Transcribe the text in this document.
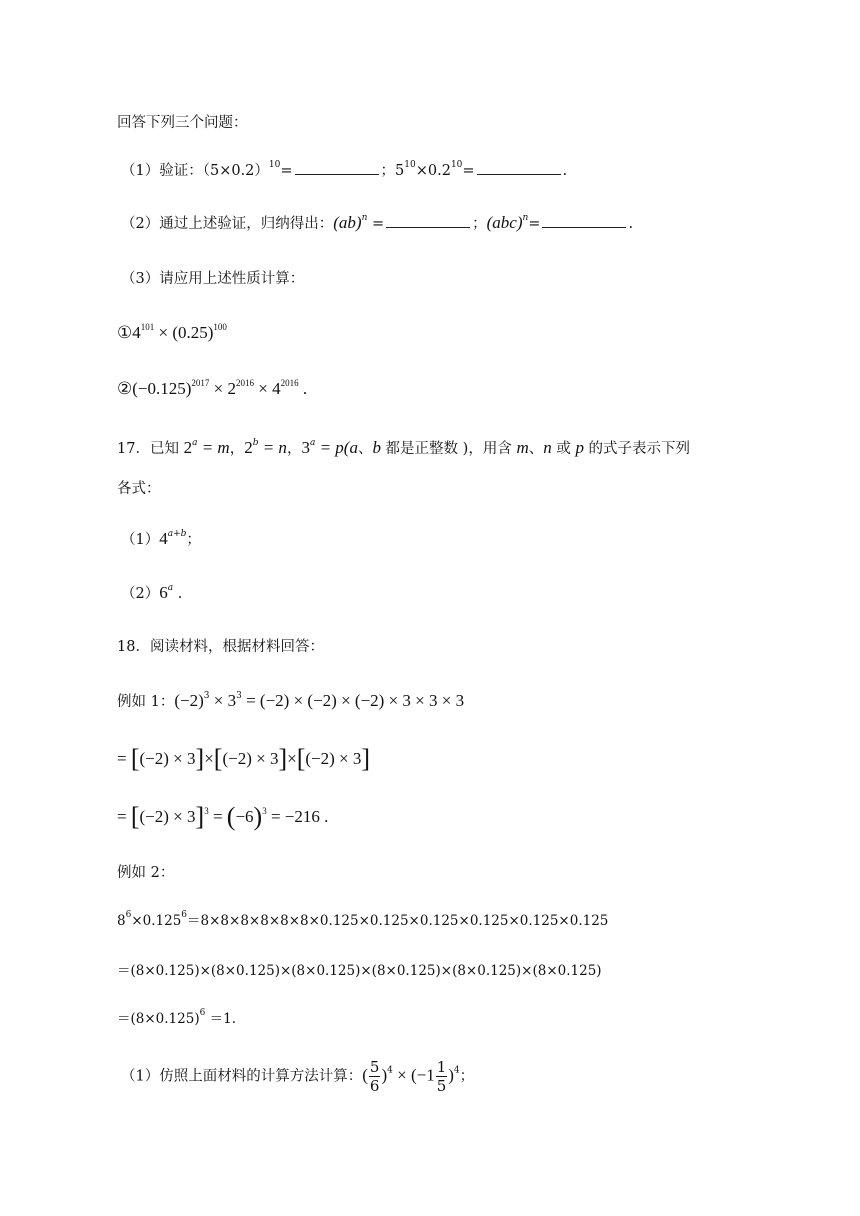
回答下列三个问题：
（1）验证：$(5\times 0.2)^{10}=$	；$5^{10}\times 0.2^{10}=$	.
（2）通过上述验证，归纳得出：(ab)$^n$ =	；(abc)$^n$=	.
（3）请应用上述性质计算：
$①4^{101} \times (0.25)^{100}$
$②(-0.125)^{2017} \times 2^{2016} \times 4^{2016}$ .
17．已知 $2^a = m$，$2^b = n$，$3^a = p(a$、b 都是正整数 )，用含 m、n 或 p 的式子表示下列
各式：
$(1)4^{a+b}$；
（2）6$^a$ .
18．阅读材料，根据材料回答：
例如 1：$(-2)^3 \times 3^3 = (-2) \times (-2) \times (-2) \times 3 \times 3 \times 3$
= [(−2) × 3]×[(−2) × 3]×[(−2) × 3]
= $[(-2) \times 3]^3 = (-6)^3 = -216$ .
例如 2：
$8^6\times 0.125^6=8\times 8\times 8\times 8\times 8\times 8\times 0.125\times 0.125\times 0.125\times 0.125\times 0.125\times 0.125$
＝(8×0.125)×(8×0.125)×(8×0.125)×(8×0.125)×(8×0.125)×(8×0.125)
$=(8\times 0.125)^6 =1$.
（1）仿照上面材料的计算方法计算：( $\frac{5}{6} )^4 \times (-1 \frac{1}{5} )^4$；
